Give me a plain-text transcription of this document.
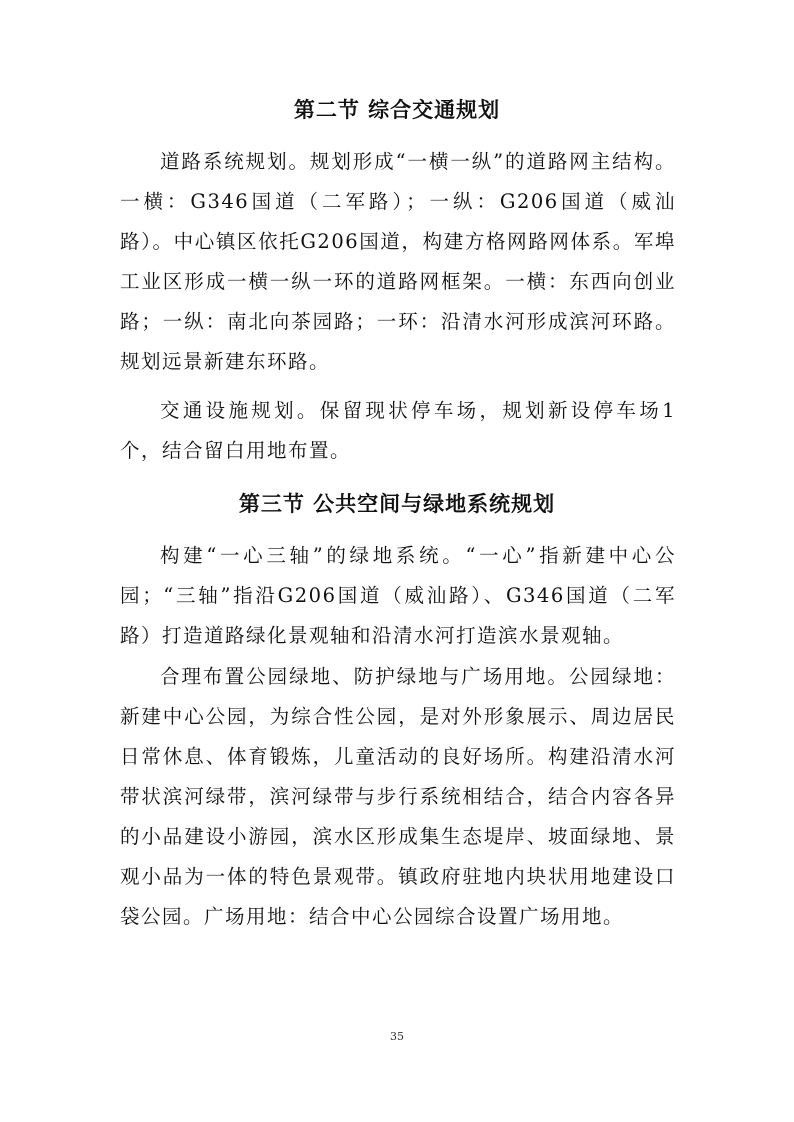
第二节 综合交通规划

道路系统规划。规划形成“一横一纵”的道路网主结构。一横：G346国道（二军路）；一纵：G206国道（威汕路）。中心镇区依托G206国道，构建方格网路网体系。军埠工业区形成一横一纵一环的道路网框架。一横：东西向创业路；一纵：南北向茶园路；一环：沿清水河形成滨河环路。规划远景新建东环路。

交通设施规划。保留现状停车场，规划新设停车场1个，结合留白用地布置。

第三节 公共空间与绿地系统规划

构建“一心三轴”的绿地系统。“一心”指新建中心公园；“三轴”指沿G206国道（威汕路）、G346国道（二军路）打造道路绿化景观轴和沿清水河打造滨水景观轴。

合理布置公园绿地、防护绿地与广场用地。公园绿地：新建中心公园，为综合性公园，是对外形象展示、周边居民日常休息、体育锻炼，儿童活动的良好场所。构建沿清水河带状滨河绿带，滨河绿带与步行系统相结合，结合内容各异的小品建设小游园，滨水区形成集生态堤岸、坡面绿地、景观小品为一体的特色景观带。镇政府驻地内块状用地建设口袋公园。广场用地：结合中心公园综合设置广场用地。

35
